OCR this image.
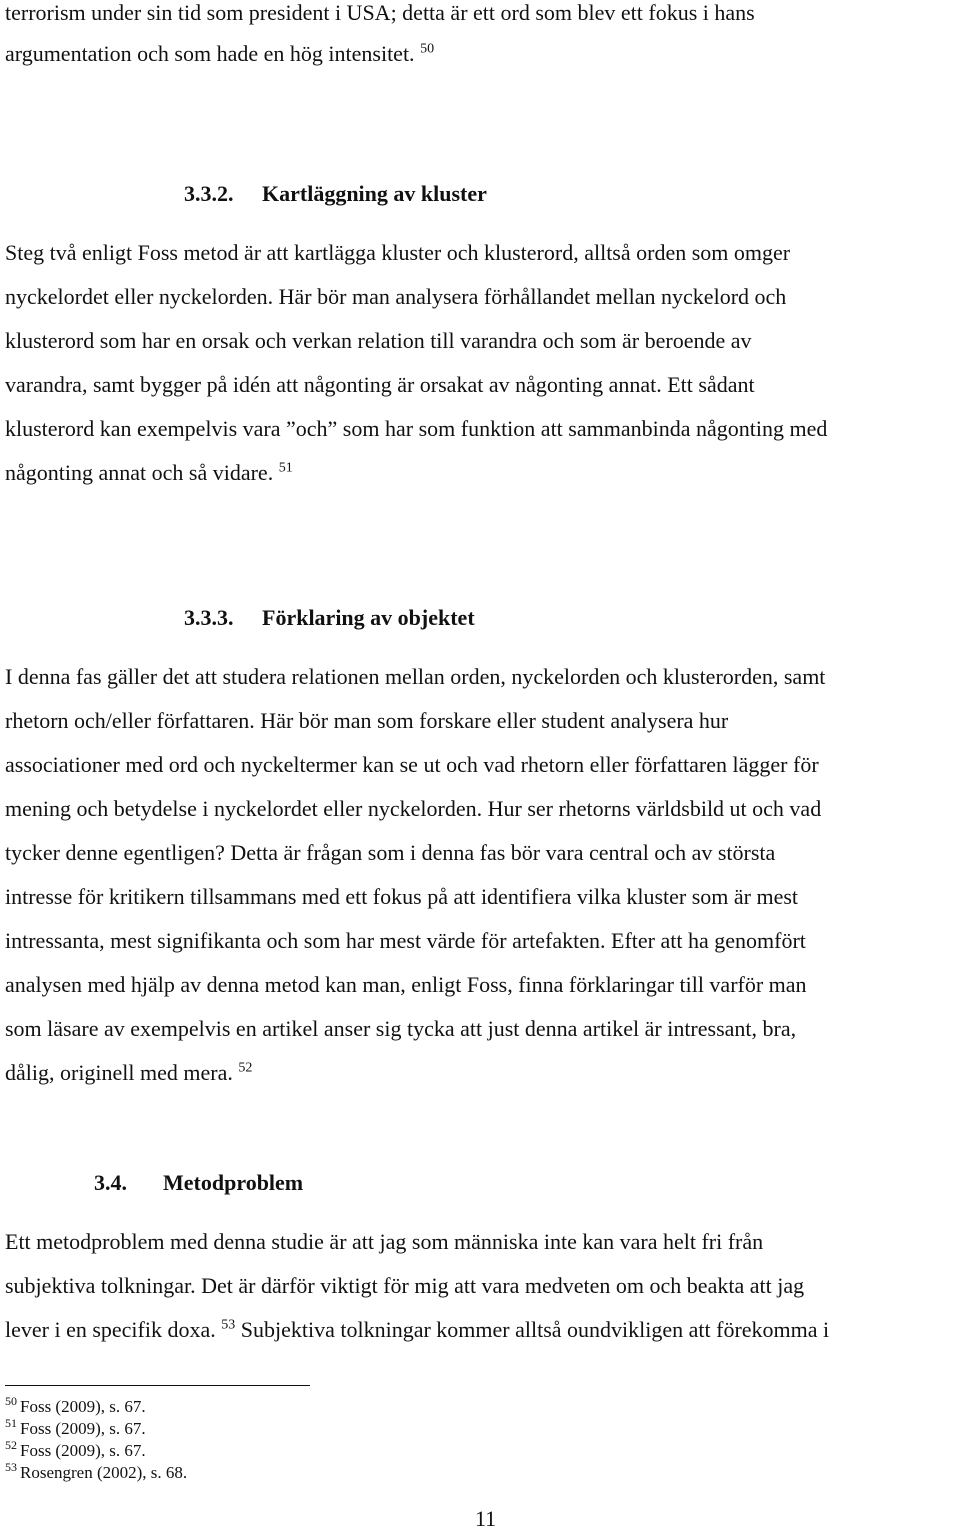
terrorism under sin tid som president i USA; detta är ett ord som blev ett fokus i hans

argumentation och som hade en hög intensitet. $^{50}$

3.3.2. Kartläggning av kluster

Steg två enligt Foss metod är att kartlägga kluster och klusterord, alltså orden som omger

nyckelordet eller nyckelorden. Här bör man analysera förhållandet mellan nyckelord och

klusterord som har en orsak och verkan relation till varandra och som är beroende av

varandra, samt bygger på idén att någonting är orsakat av någonting annat. Ett sådant

klusterord kan exempelvis vara ”och” som har som funktion att sammanbinda någonting med

någonting annat och så vidare. $^{51}$

3.3.3. Förklaring av objektet

I denna fas gäller det att studera relationen mellan orden, nyckelorden och klusterorden, samt

rhetorn och/eller författaren. Här bör man som forskare eller student analysera hur

associationer med ord och nyckeltermer kan se ut och vad rhetorn eller författaren lägger för

mening och betydelse i nyckelordet eller nyckelorden. Hur ser rhetorns världsbild ut och vad

tycker denne egentligen? Detta är frågan som i denna fas bör vara central och av största

intresse för kritikern tillsammans med ett fokus på att identifiera vilka kluster som är mest

intressanta, mest signifikanta och som har mest värde för artefakten. Efter att ha genomfört

analysen med hjälp av denna metod kan man, enligt Foss, finna förklaringar till varför man

som läsare av exempelvis en artikel anser sig tycka att just denna artikel är intressant, bra,

dålig, originell med mera. $^{52}$

3.4. Metodproblem

Ett metodproblem med denna studie är att jag som människa inte kan vara helt fri från

subjektiva tolkningar. Det är därför viktigt för mig att vara medveten om och beakta att jag

lever i en specifik doxa. $^{53}$ Subjektiva tolkningar kommer alltså oundvikligen att förekomma i

$^{50}$ Foss (2009), s. 67.

$^{51}$ Foss (2009), s. 67.

$^{52}$ Foss (2009), s. 67.

$^{53}$ Rosengren (2002), s. 68.

11
